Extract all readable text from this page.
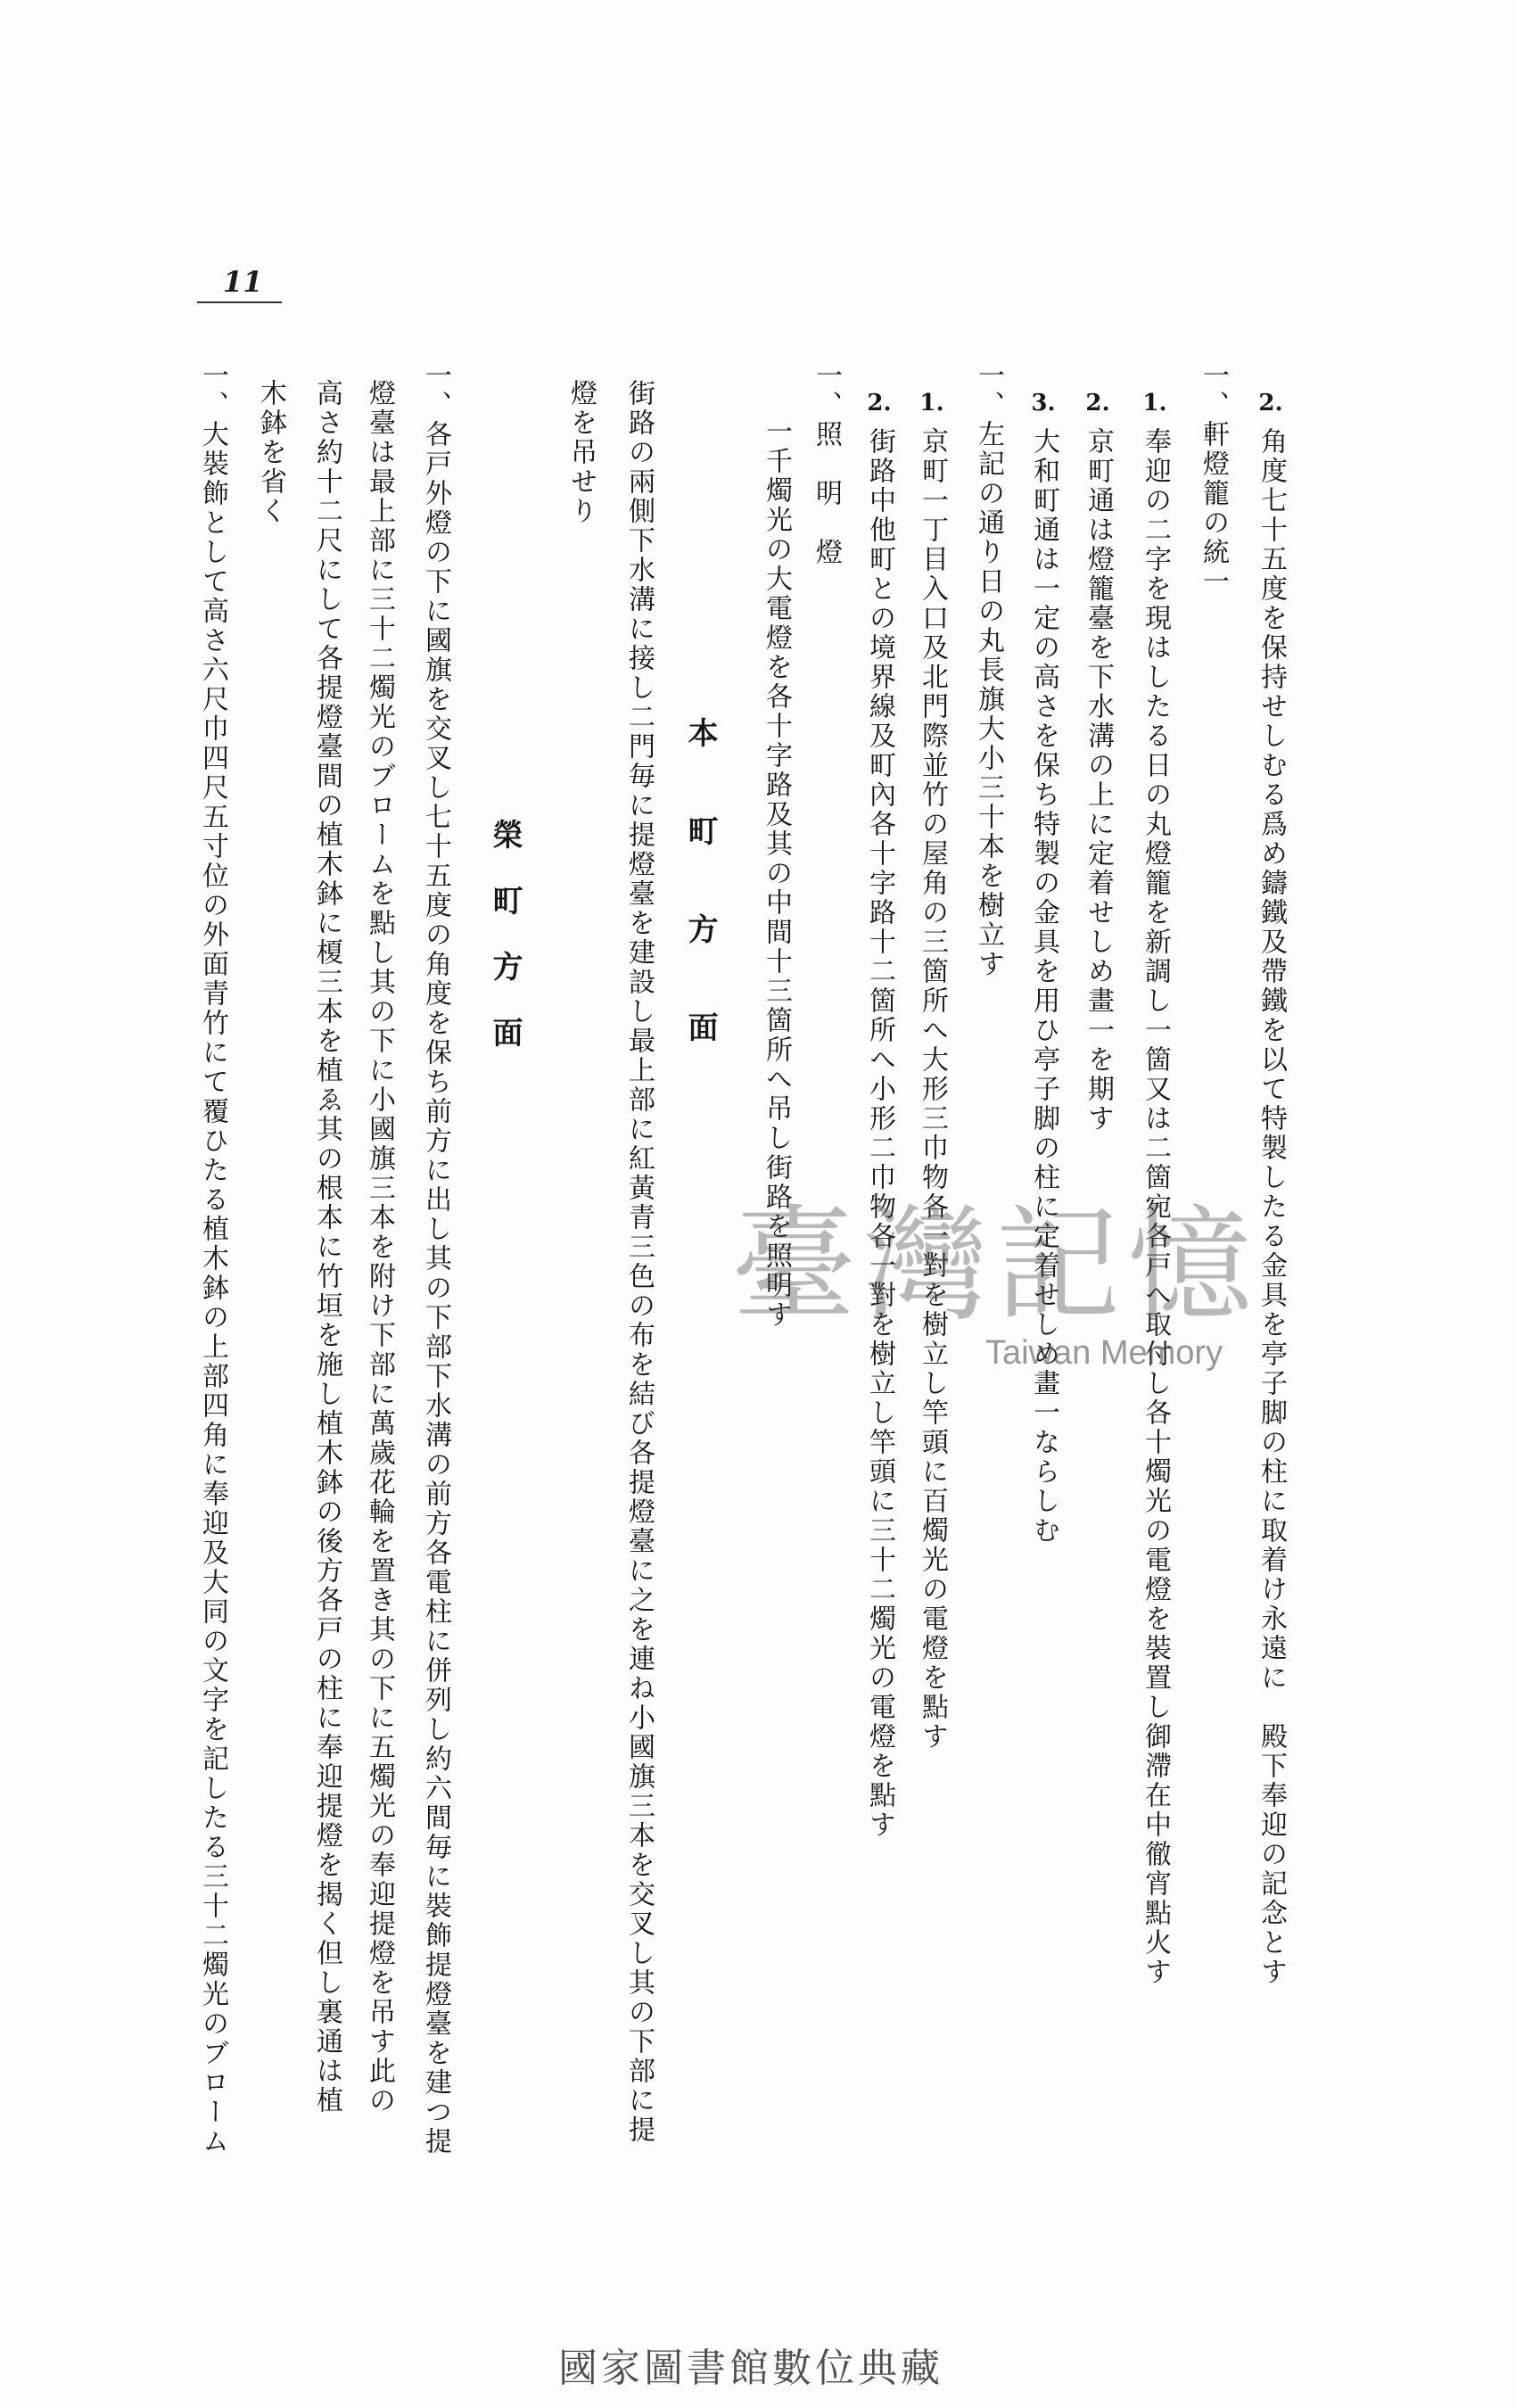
11
2.角度七十五度を保持せしむる爲め鑄鐵及帶鐵を以て特製したる金具を亭子脚の柱に取着け永遠に　殿下奉迎の記念とす
一、軒燈籠の統一
1.奉迎の二字を現はしたる日の丸燈籠を新調し一箇又は二箇宛各戸へ取付し各十燭光の電燈を裝置し御滯在中徹宵點火す
2.京町通は燈籠臺を下水溝の上に定着せしめ畫一を期す
3.大和町通は一定の高さを保ち特製の金具を用ひ亭子脚の柱に定着せしめ畫一ならしむ
一、左記の通り日の丸長旗大小三十本を樹立す
1.京町一丁目入口及北門際並竹の屋角の三箇所へ大形三巾物各一對を樹立し竿頭に百燭光の電燈を點す
2.街路中他町との境界線及町內各十字路十二箇所へ小形二巾物各一對を樹立し竿頭に三十二燭光の電燈を點す
一、照　明　燈
一千燭光の大電燈を各十字路及其の中間十三箇所へ吊し街路を照明す
本　町　方　面
街路の兩側下水溝に接し二門毎に提燈臺を建設し最上部に紅黃青三色の布を結び各提燈臺に之を連ね小國旗三本を交叉し其の下部に提
燈を吊せり
榮　町　方　面
一、各戸外燈の下に國旗を交叉し七十五度の角度を保ち前方に出し其の下部下水溝の前方各電柱に併列し約六間毎に裝飾提燈臺を建つ提
燈臺は最上部に三十二燭光のブロームを點し其の下に小國旗三本を附け下部に萬歲花輪を置き其の下に五燭光の奉迎提燈を吊す此の
高さ約十二尺にして各提燈臺間の植木鉢に榎三本を植ゑ其の根本に竹垣を施し植木鉢の後方各戸の柱に奉迎提燈を揭く但し裏通は植
木鉢を省く
一、大裝飾として高さ六尺巾四尺五寸位の外面青竹にて覆ひたる植木鉢の上部四角に奉迎及大同の文字を記したる三十二燭光のブローム	臺灣記憶
Taiwan Memory
國家圖書館數位典藏
